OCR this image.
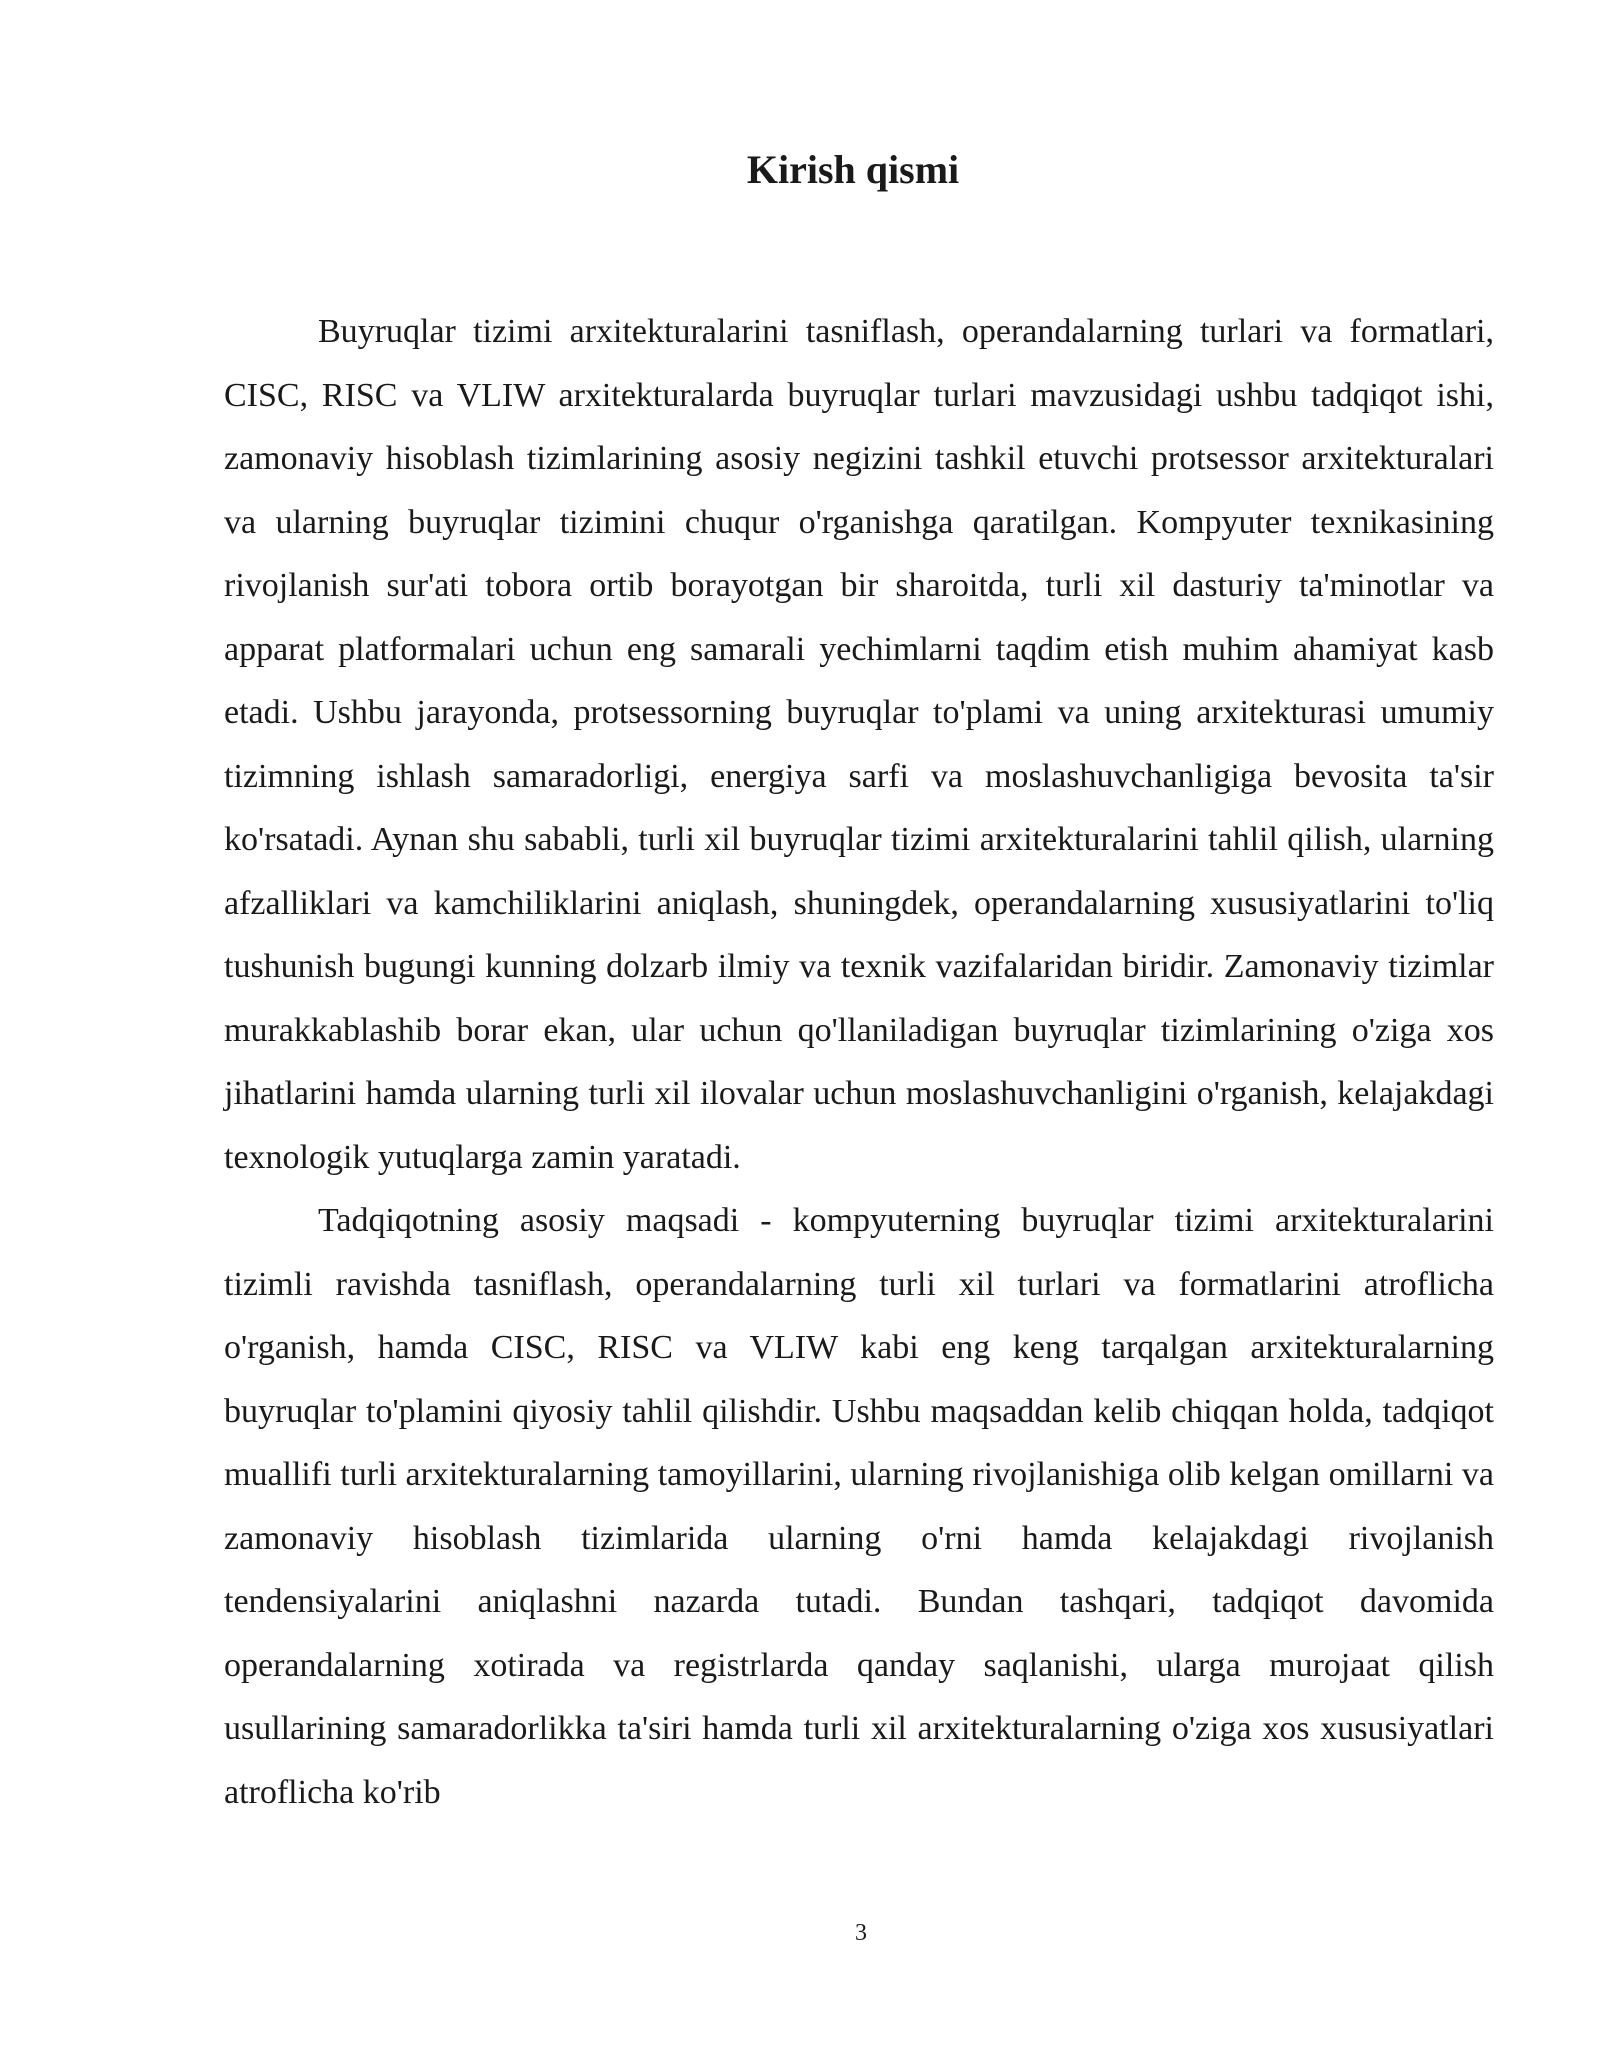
Kirish qismi

Buyruqlar tizimi arxitekturalarini tasniflash, operandalarning turlari va formatlari, CISC, RISC va VLIW arxitekturalarda buyruqlar turlari mavzusidagi ushbu tadqiqot ishi, zamonaviy hisoblash tizimlarining asosiy negizini tashkil etuvchi protsessor arxitekturalari va ularning buyruqlar tizimini chuqur o'rganishga qaratilgan. Kompyuter texnikasining rivojlanish sur'ati tobora ortib borayotgan bir sharoitda, turli xil dasturiy ta'minotlar va apparat platformalari uchun eng samarali yechimlarni taqdim etish muhim ahamiyat kasb etadi. Ushbu jarayonda, protsessorning buyruqlar to'plami va uning arxitekturasi umumiy tizimning ishlash samaradorligi, energiya sarfi va moslashuvchanligiga bevosita ta'sir ko'rsatadi. Aynan shu sababli, turli xil buyruqlar tizimi arxitekturalarini tahlil qilish, ularning afzalliklari va kamchiliklarini aniqlash, shuningdek, operandalarning xususiyatlarini to'liq tushunish bugungi kunning dolzarb ilmiy va texnik vazifalaridan biridir. Zamonaviy tizimlar murakkablashib borar ekan, ular uchun qo'llaniladigan buyruqlar tizimlarining o'ziga xos jihatlarini hamda ularning turli xil ilovalar uchun moslashuvchanligini o'rganish, kelajakdagi texnologik yutuqlarga zamin yaratadi.

Tadqiqotning asosiy maqsadi - kompyuterning buyruqlar tizimi arxitekturalarini tizimli ravishda tasniflash, operandalarning turli xil turlari va formatlarini atroflicha o'rganish, hamda CISC, RISC va VLIW kabi eng keng tarqalgan arxitekturalarning buyruqlar to'plamini qiyosiy tahlil qilishdir. Ushbu maqsaddan kelib chiqqan holda, tadqiqot muallifi turli arxitekturalarning tamoyillarini, ularning rivojlanishiga olib kelgan omillarni va zamonaviy hisoblash tizimlarida ularning o'rni hamda kelajakdagi rivojlanish tendensiyalarini aniqlashni nazarda tutadi. Bundan tashqari, tadqiqot davomida operandalarning xotirada va registrlarda qanday saqlanishi, ularga murojaat qilish usullarining samaradorlikka ta'siri hamda turli xil arxitekturalarning o'ziga xos xususiyatlari atroflicha ko'rib

3
